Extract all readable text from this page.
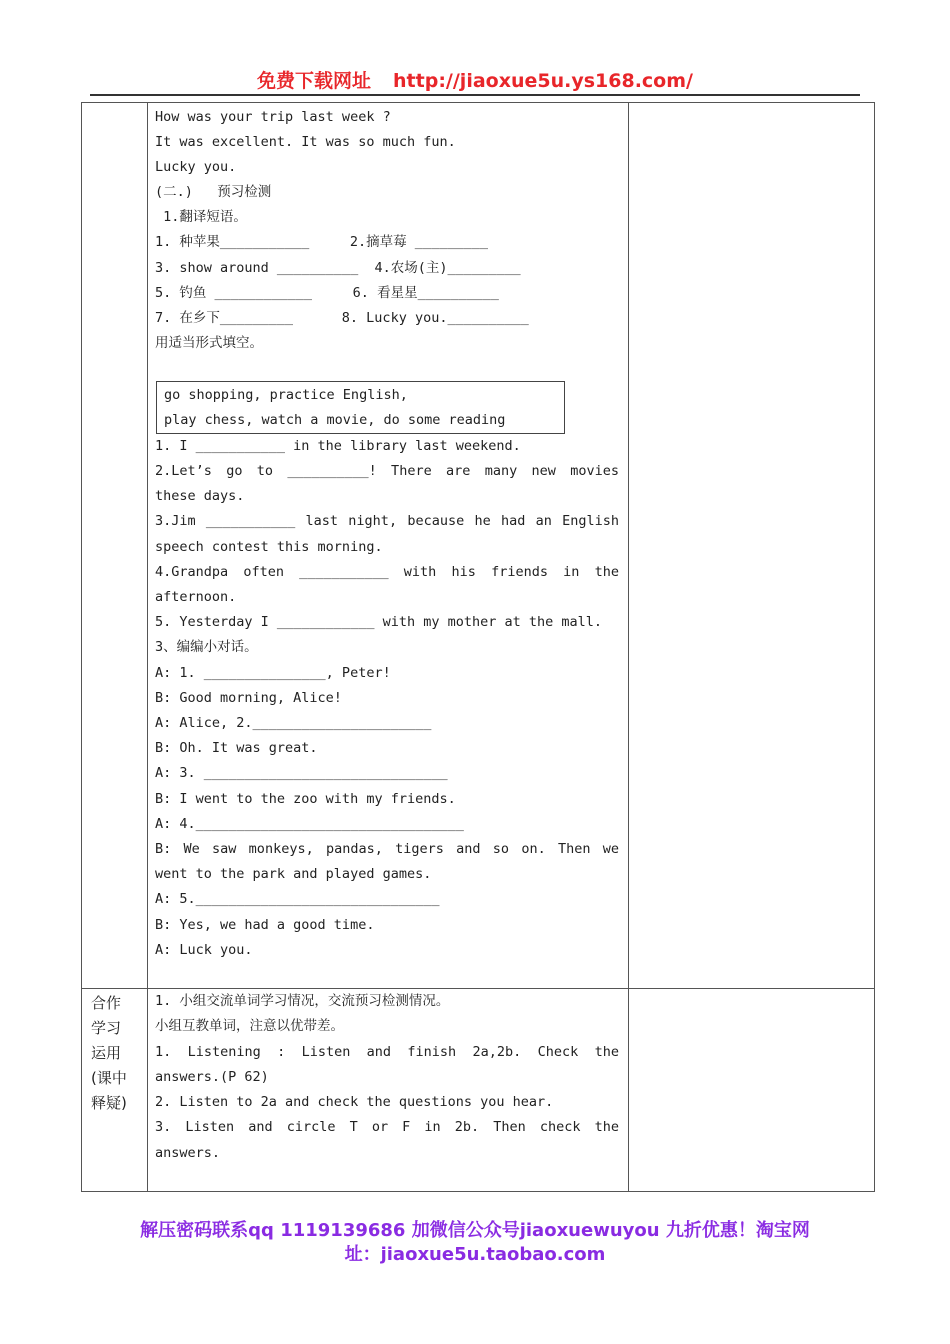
免费下载网址 http://jiaoxue5u.ys168.com/
How was your trip last week ?
It was excellent. It was so much fun.
Lucky you.
(二.)   预习检测
1.翻译短语。
1. 种苹果___________     2.摘草莓 _________
3. show around __________  4.农场(主)_________
5. 钓鱼 ____________     6. 看星星__________
7. 在乡下_________      8. Lucky you.__________
用适当形式填空。
go shopping, practice English,
play chess, watch a movie, do some reading
1. I ___________ in the library last weekend.
2.Let’s go to __________! There are many new movies
these days.
3.Jim ___________ last night, because he had an English
speech contest this morning.
4.Grandpa often ___________ with his friends in the
afternoon.
5. Yesterday I ____________ with my mother at the mall.
3、编编小对话。
A: 1. _______________, Peter!
B: Good morning, Alice!
A: Alice, 2.______________________
B: Oh. It was great.
A: 3. ______________________________
B: I went to the zoo with my friends.
A: 4._________________________________
B: We saw monkeys, pandas, tigers and so on. Then we
went to the park and played games.
A: 5.______________________________
B: Yes, we had a good time.
A: Luck you.
合作
学习
运用
(课中
释疑)
1. 小组交流单词学习情况，交流预习检测情况。
小组互教单词，注意以优带差。
1. Listening : Listen and finish 2a,2b. Check the
answers.(P 62)
2. Listen to 2a and check the questions you hear.
3. Listen and circle T or F in 2b. Then check the
answers.
解压密码联系qq 1119139686 加微信公众号jiaoxuewuyou 九折优惠！淘宝网
址：jiaoxue5u.taobao.com
